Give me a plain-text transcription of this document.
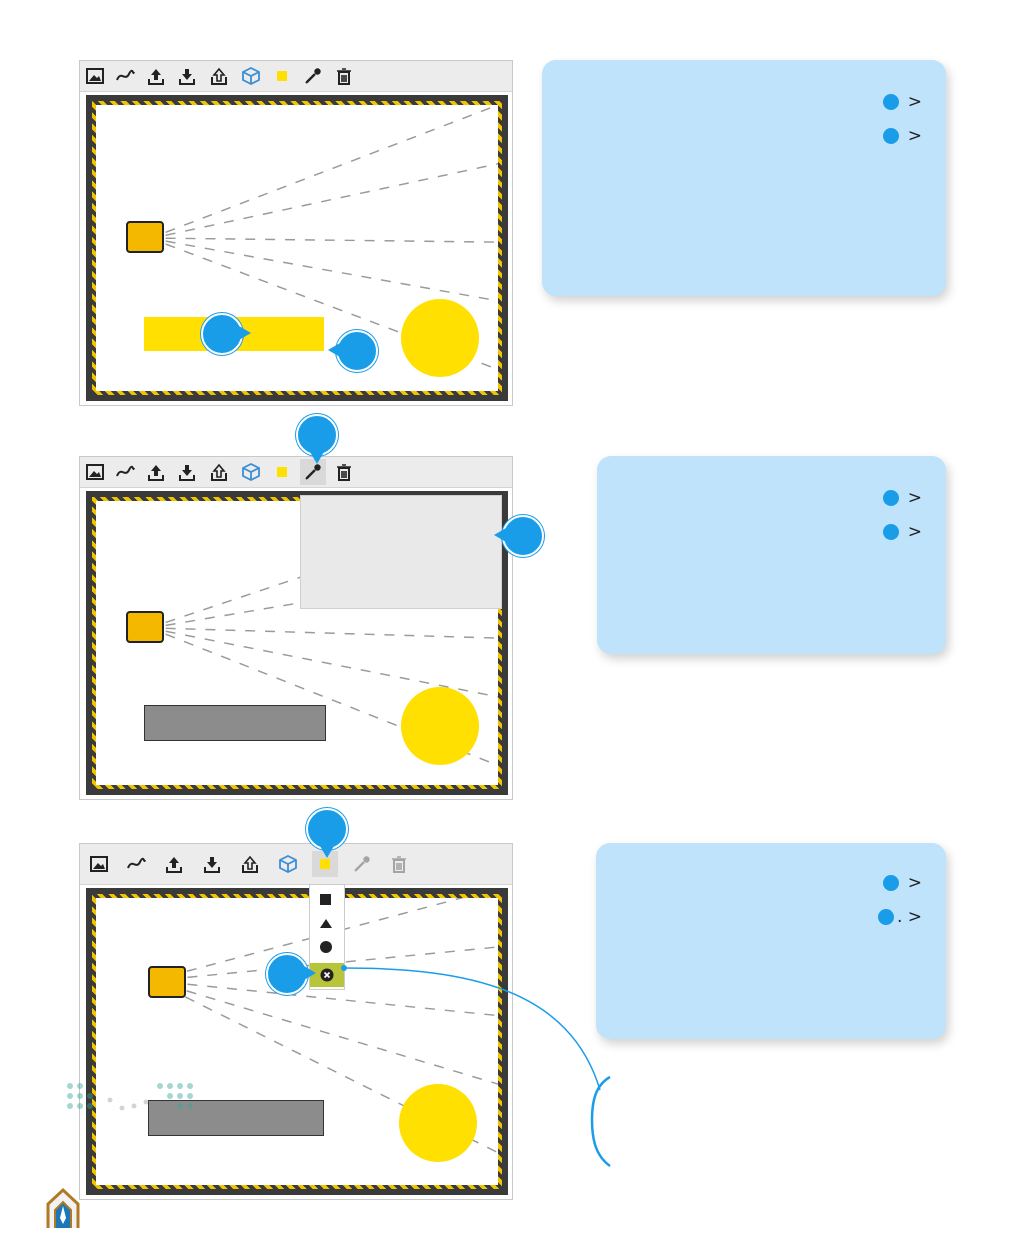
<

<

<

<

<

< .
